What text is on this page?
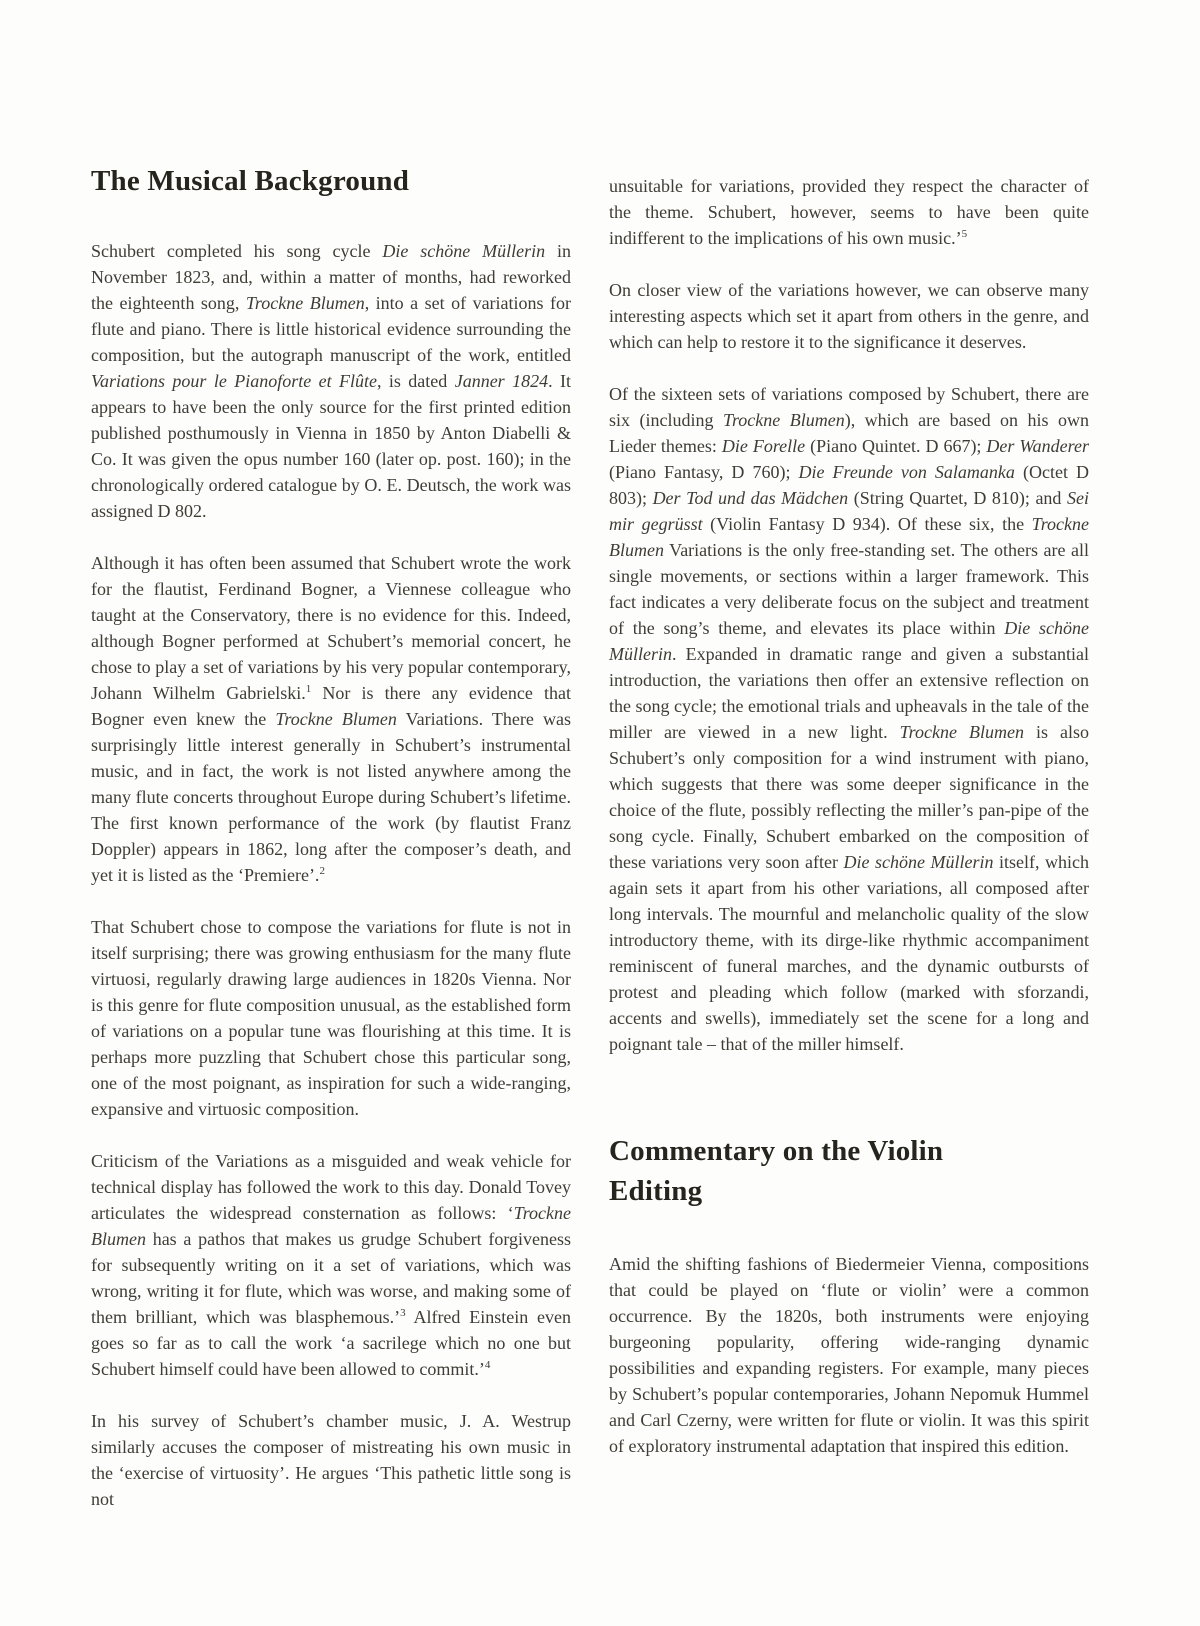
The Musical Background

Schubert completed his song cycle Die schöne Müllerin in November 1823, and, within a matter of months, had reworked the eighteenth song, Trockne Blumen, into a set of variations for flute and piano. There is little historical evidence surrounding the composition, but the autograph manuscript of the work, entitled Variations pour le Pianoforte et Flûte, is dated Janner 1824. It appears to have been the only source for the first printed edition published posthumously in Vienna in 1850 by Anton Diabelli & Co. It was given the opus number 160 (later op. post. 160); in the chronologically ordered catalogue by O. E. Deutsch, the work was assigned D 802.

Although it has often been assumed that Schubert wrote the work for the flautist, Ferdinand Bogner, a Viennese colleague who taught at the Conservatory, there is no evidence for this. Indeed, although Bogner performed at Schubert’s memorial concert, he chose to play a set of variations by his very popular contemporary, Johann Wilhelm Gabrielski.$^1$ Nor is there any evidence that Bogner even knew the Trockne Blumen Variations. There was surprisingly little interest generally in Schubert’s instrumental music, and in fact, the work is not listed anywhere among the many flute concerts throughout Europe during Schubert’s lifetime. The first known performance of the work (by flautist Franz Doppler) appears in 1862, long after the composer’s death, and yet it is listed as the ‘Premiere’.$^2$

That Schubert chose to compose the variations for flute is not in itself surprising; there was growing enthusiasm for the many flute virtuosi, regularly drawing large audiences in 1820s Vienna. Nor is this genre for flute composition unusual, as the established form of variations on a popular tune was flourishing at this time. It is perhaps more puzzling that Schubert chose this particular song, one of the most poignant, as inspiration for such a wide-ranging, expansive and virtuosic composition.

Criticism of the Variations as a misguided and weak vehicle for technical display has followed the work to this day. Donald Tovey articulates the widespread consternation as follows: ‘Trockne Blumen has a pathos that makes us grudge Schubert forgiveness for subsequently writing on it a set of variations, which was wrong, writing it for flute, which was worse, and making some of them brilliant, which was blasphemous.’$^3$ Alfred Einstein even goes so far as to call the work ‘a sacrilege which no one but Schubert himself could have been allowed to commit.’$^4$

In his survey of Schubert’s chamber music, J. A. Westrup similarly accuses the composer of mistreating his own music in the ‘exercise of virtuosity’. He argues ‘This pathetic little song is not

unsuitable for variations, provided they respect the character of the theme. Schubert, however, seems to have been quite indifferent to the implications of his own music.’$^5$

On closer view of the variations however, we can observe many interesting aspects which set it apart from others in the genre, and which can help to restore it to the significance it deserves.

Of the sixteen sets of variations composed by Schubert, there are six (including Trockne Blumen), which are based on his own Lieder themes: Die Forelle (Piano Quintet. D 667); Der Wanderer (Piano Fantasy, D 760); Die Freunde von Salamanka (Octet D 803); Der Tod und das Mädchen (String Quartet, D 810); and Sei mir gegrüsst (Violin Fantasy D 934). Of these six, the Trockne Blumen Variations is the only free-standing set. The others are all single movements, or sections within a larger framework. This fact indicates a very deliberate focus on the subject and treatment of the song’s theme, and elevates its place within Die schöne Müllerin. Expanded in dramatic range and given a substantial introduction, the variations then offer an extensive reflection on the song cycle; the emotional trials and upheavals in the tale of the miller are viewed in a new light. Trockne Blumen is also Schubert’s only composition for a wind instrument with piano, which suggests that there was some deeper significance in the choice of the flute, possibly reflecting the miller’s pan-pipe of the song cycle. Finally, Schubert embarked on the composition of these variations very soon after Die schöne Müllerin itself, which again sets it apart from his other variations, all composed after long intervals. The mournful and melancholic quality of the slow introductory theme, with its dirge-like rhythmic accompaniment reminiscent of funeral marches, and the dynamic outbursts of protest and pleading which follow (marked with sforzandi, accents and swells), immediately set the scene for a long and poignant tale – that of the miller himself.

Commentary on the Violin Editing

Amid the shifting fashions of Biedermeier Vienna, compositions that could be played on ‘flute or violin’ were a common occurrence. By the 1820s, both instruments were enjoying burgeoning popularity, offering wide-ranging dynamic possibilities and expanding registers. For example, many pieces by Schubert’s popular contemporaries, Johann Nepomuk Hummel and Carl Czerny, were written for flute or violin. It was this spirit of exploratory instrumental adaptation that inspired this edition.
